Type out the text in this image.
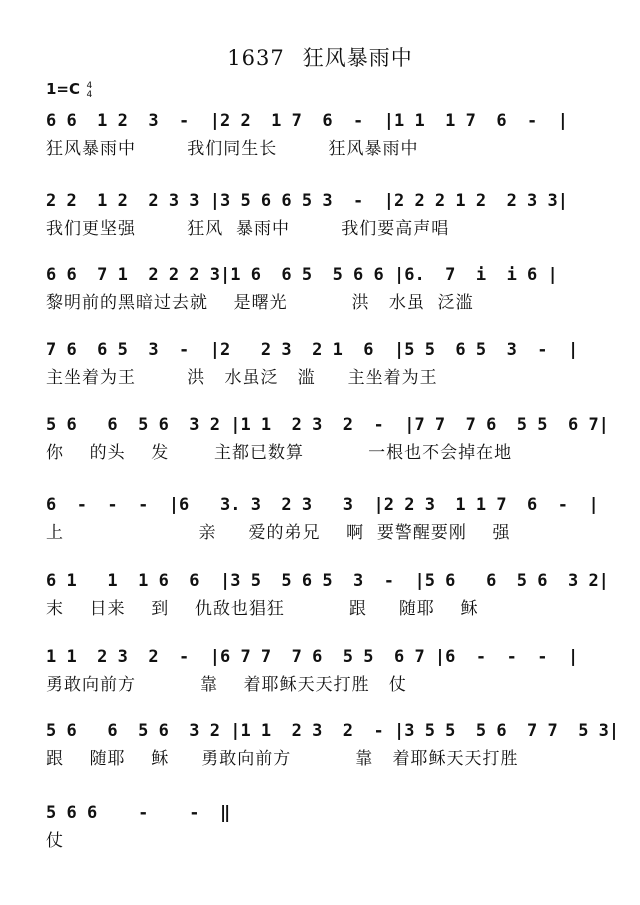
1637 狂风暴雨中
1=C 4
4
6 6  1 2  3  -  |2 2  1 7  6  -  |1 1  1 7  6  -  |
狂风暴雨中        我们同生长        狂风暴雨中
2 2  1 2  2 3 3 |3 5 6 6 5 3  -  |2 2 2 1 2  2 3 3|
我们更坚强        狂风  暴雨中        我们要高声唱
6 6  7 1  2 2 2 3|1 6  6 5  5 6 6 |6.  7  i  i 6 |
黎明前的黑暗过去就    是曙光          洪   水虽  泛滥
7 6  6 5  3  -  |2   2 3  2 1  6  |5 5  6 5  3  -  |
主坐着为王        洪   水虽泛   滥     主坐着为王
5 6   6  5 6  3 2 |1 1  2 3  2  -  |7 7  7 6  5 5  6 7|
你    的头    发       主都已数算          一根也不会掉在地
6  -  -  -  |6   3. 3  2 3   3  |2 2 3  1 1 7  6  -  |
上                     亲     爱的弟兄    啊  要警醒要刚    强
6 1   1  1 6  6  |3 5  5 6 5  3  -  |5 6   6  5 6  3 2|
末    日来    到    仇敌也猖狂          跟     随耶    稣
1 1  2 3  2  -  |6 7 7  7 6  5 5  6 7 |6  -  -  -  |
勇敢向前方          靠    着耶稣天天打胜   仗
5 6   6  5 6  3 2 |1 1  2 3  2  - |3 5 5  5 6  7 7  5 3|
跟    随耶    稣     勇敢向前方          靠   着耶稣天天打胜
5 6 6    -    -  ‖
仗
